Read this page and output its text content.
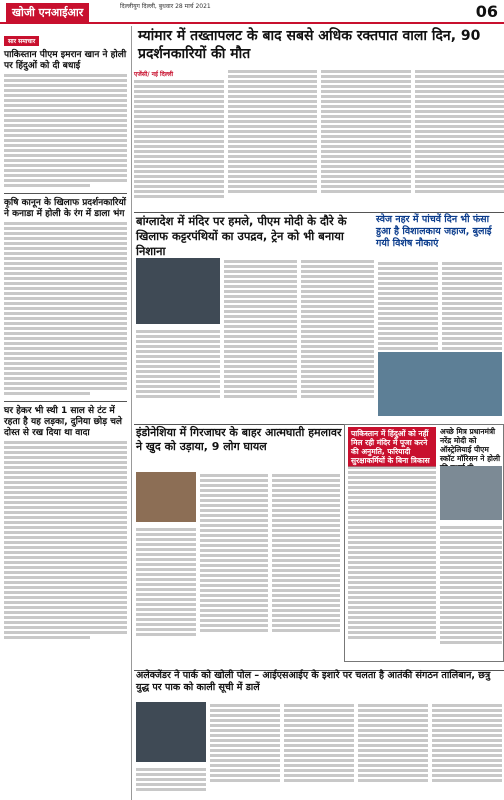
खोजी एनआईआर	दिल्लीयुग दिल्ली, बुधवार 28 मार्च 2021	06
सार समाचार
पाकिस्तान पीएम इमरान खान ने होली पर हिंदुओं को दी बधाई
कृषि कानून के खिलाफ प्रदर्शनकारियों ने कनाडा में होली के रंग में डाला भंग
घर हेकर भी स्थी 1 साल से टंट में रहता है यह लड़का, दुनिया छोड़ चले दोस्त से रख दिया था वादा
म्यांमार में तख्तापलट के बाद सबसे अधिक रक्तपात वाला दिन, 90 प्रदर्शनकारियों की मौत
एजेंसी/ नई दिल्ली
बांग्लादेश में मंदिर पर हमले, पीएम मोदी के दौरे के खिलाफ कट्टरपंथियों का उपद्रव, ट्रेन को भी बनाया निशाना
स्वेज नहर में पांचवें दिन भी फंसा हुआ है विशालकाय जहाज, बुलाई गयी विशेष नौकाएं
इंडोनेशिया में गिरजाघर के बाहर आत्मघाती हमलावर ने खुद को उड़ाया, 9 लोग घायल
पाकिस्तान में हिंदुओं को नहीं मिल रही मंदिर में पूजा करने की अनुमति, फरियादी सुरक्षाकर्मियों के बिना त्रिकास
अच्छे मित्र प्रधानमंत्री नरेंद्र मोदी को ऑस्ट्रेलियाई पीएम स्कॉट मॉरिसन ने होली
अलेक्जेंडर ने पार्क को खोली पोल – आईएसआईए के इशारे पर चलता है आतंकी संगठन तालिबान, छत्रु युद्ध पर पाक को काली सूची में डालें
